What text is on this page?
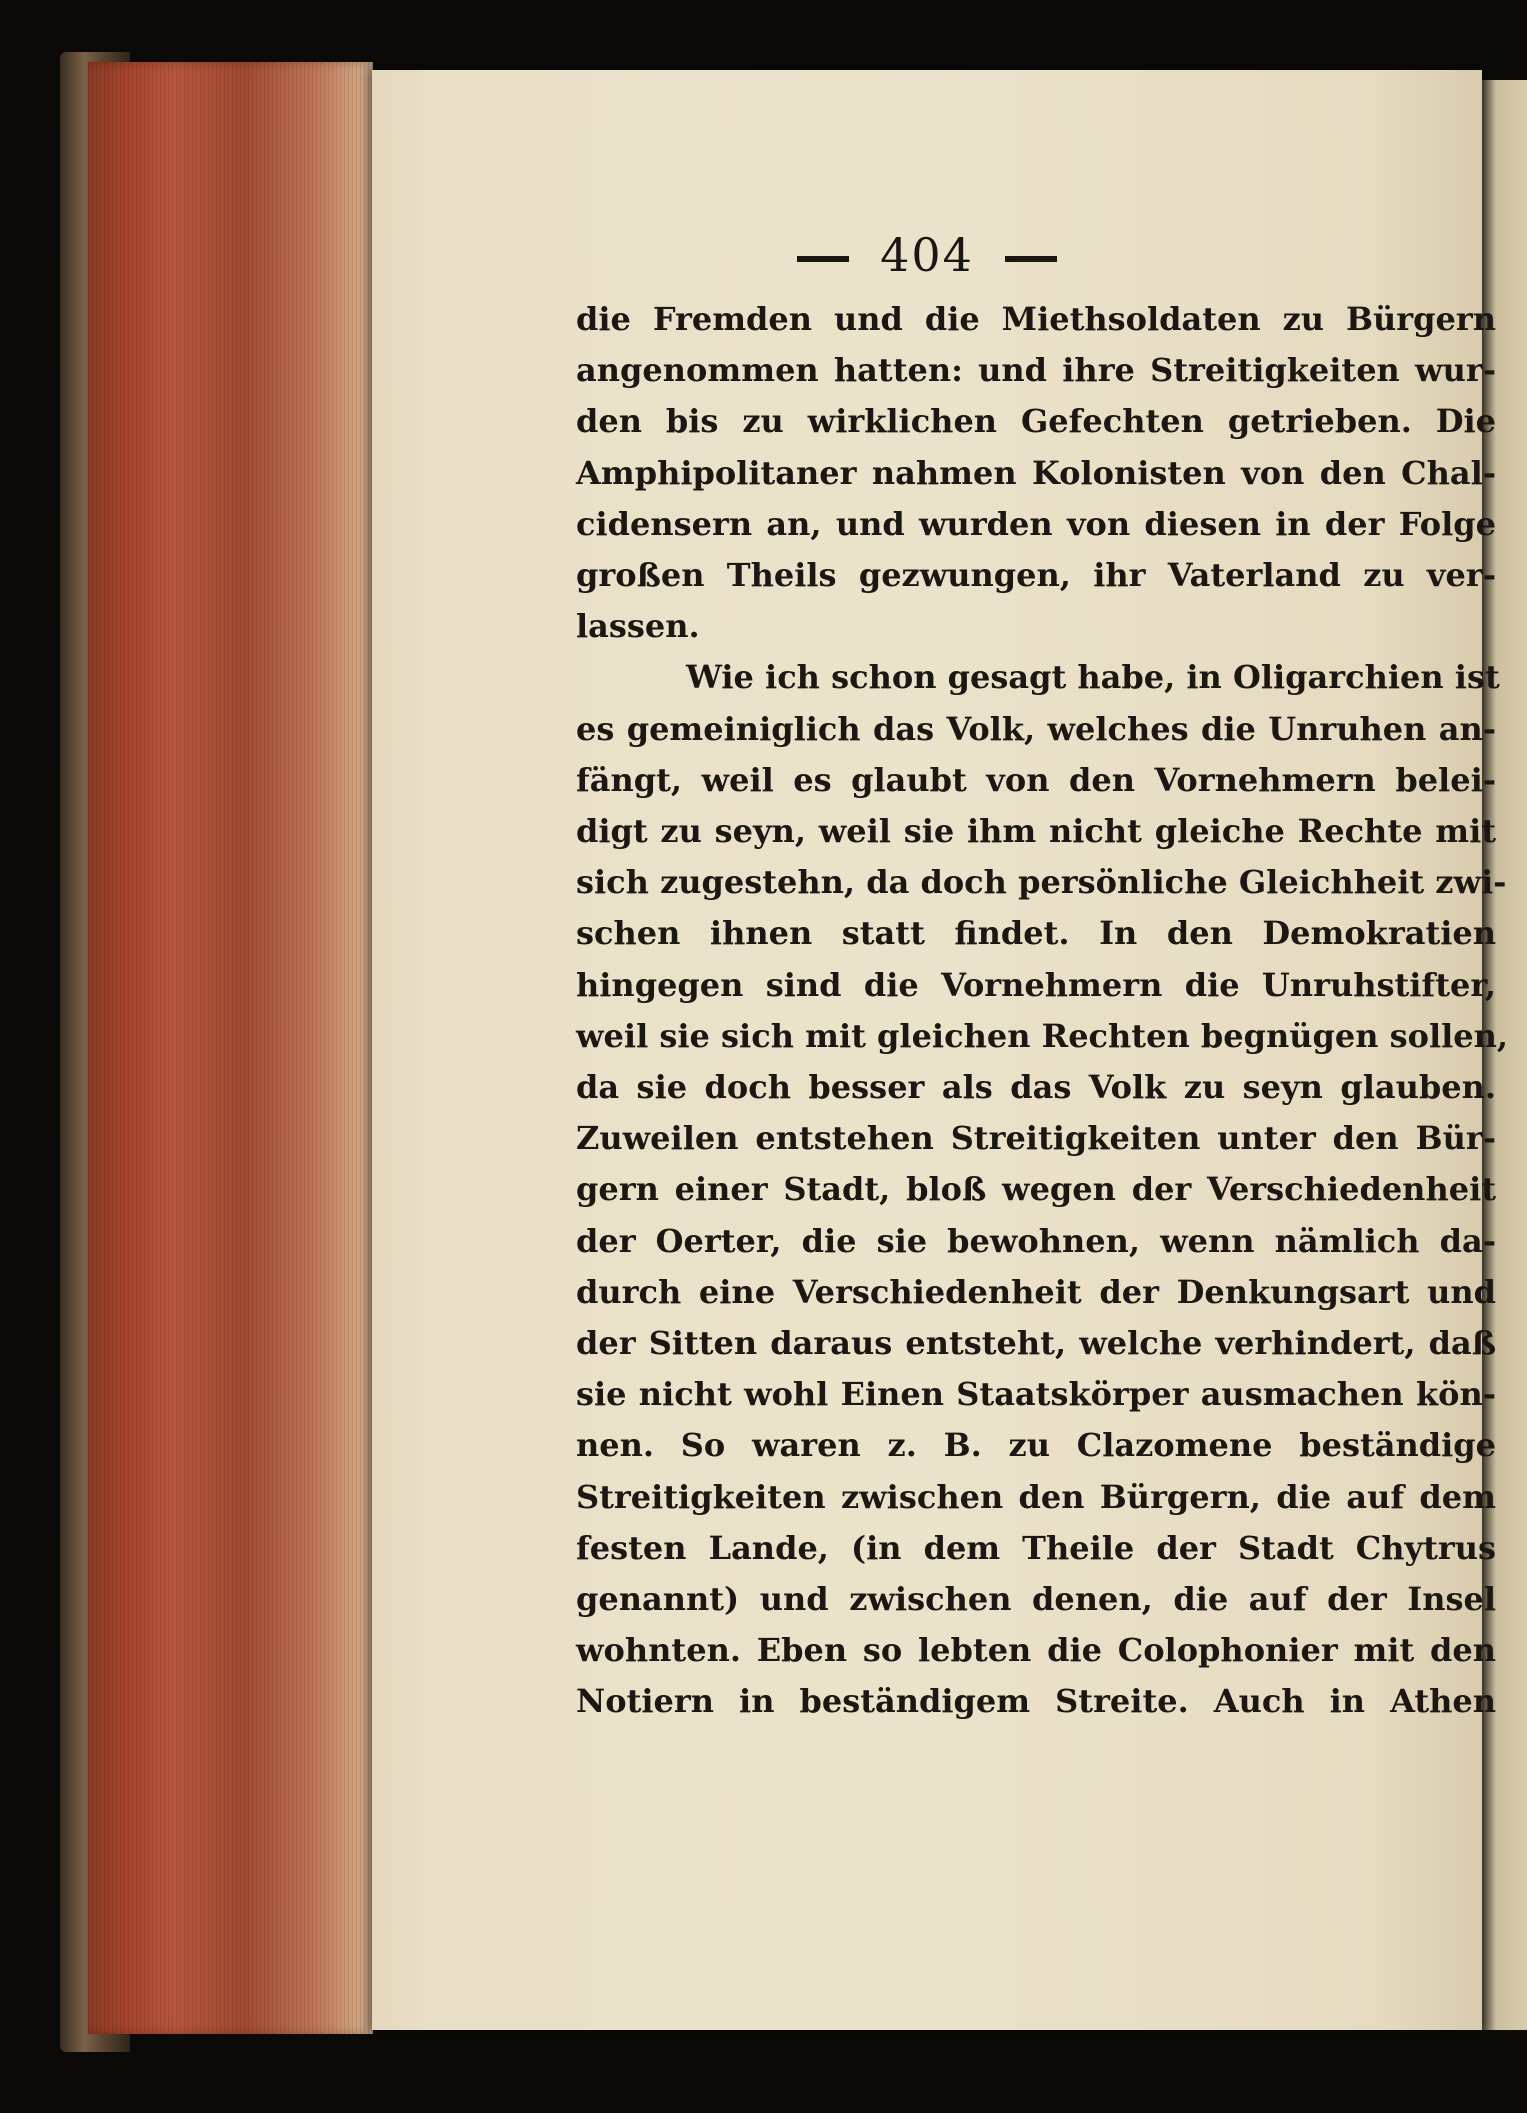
404
die Fremden und die Miethsoldaten zu Bürgern
angenommen hatten: und ihre Streitigkeiten wur-
den bis zu wirklichen Gefechten getrieben. Die
Amphipolitaner nahmen Kolonisten von den Chal-
cidensern an, und wurden von diesen in der Folge
großen Theils gezwungen, ihr Vaterland zu ver-
lassen.
Wie ich schon gesagt habe, in Oligarchien ist
es gemeiniglich das Volk, welches die Unruhen an-
fängt, weil es glaubt von den Vornehmern belei-
digt zu seyn, weil sie ihm nicht gleiche Rechte mit
sich zugestehn, da doch persönliche Gleichheit zwi-
schen ihnen statt findet. In den Demokratien
hingegen sind die Vornehmern die Unruhstifter,
weil sie sich mit gleichen Rechten begnügen sollen,
da sie doch besser als das Volk zu seyn glauben.
Zuweilen entstehen Streitigkeiten unter den Bür-
gern einer Stadt, bloß wegen der Verschiedenheit
der Oerter, die sie bewohnen, wenn nämlich da-
durch eine Verschiedenheit der Denkungsart und
der Sitten daraus entsteht, welche verhindert, daß
sie nicht wohl Einen Staatskörper ausmachen kön-
nen. So waren z. B. zu Clazomene beständige
Streitigkeiten zwischen den Bürgern, die auf dem
festen Lande, (in dem Theile der Stadt Chytrus
genannt) und zwischen denen, die auf der Insel
wohnten. Eben so lebten die Colophonier mit den
Notiern in beständigem Streite. Auch in Athen
